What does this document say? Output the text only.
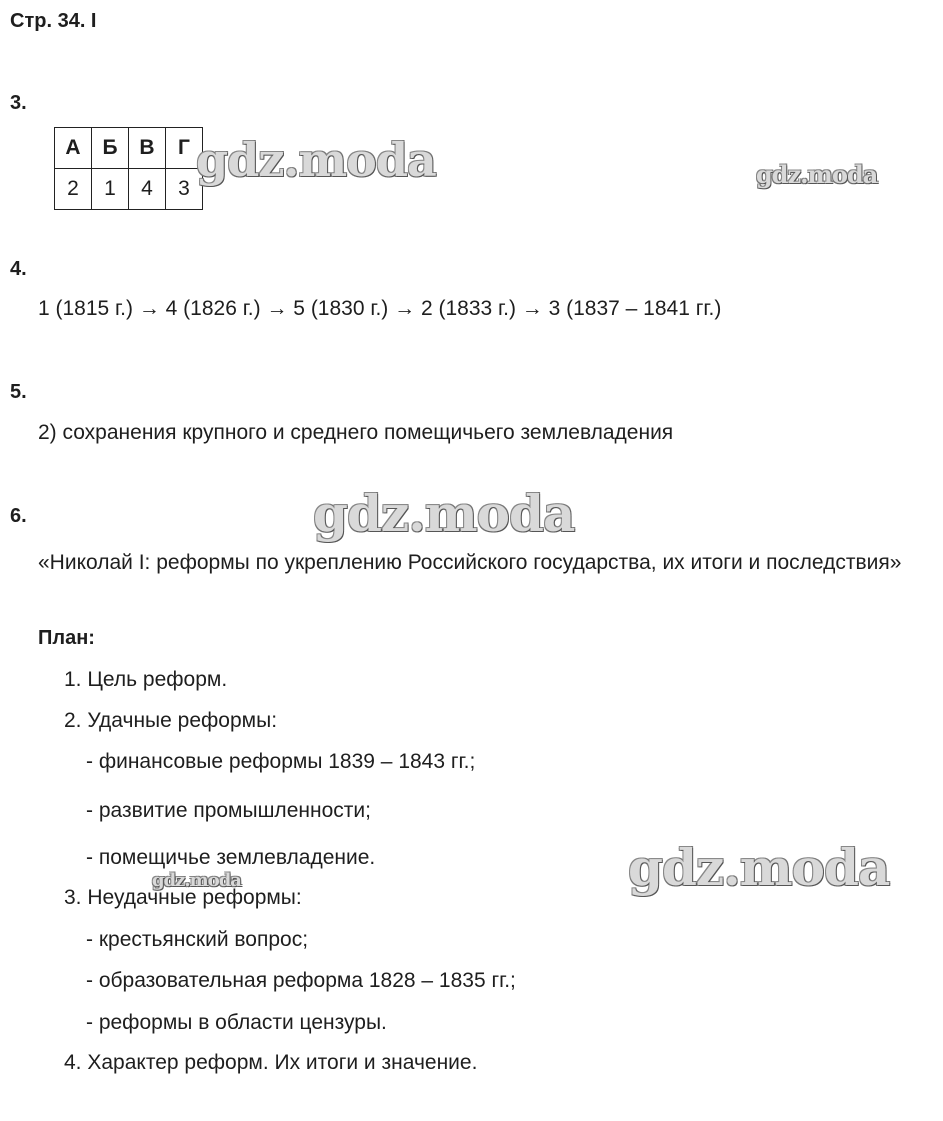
Стр. 34. I
3.
А	Б	В	Г
2	1	4	3
4.
1 (1815 г.) → 4 (1826 г.) → 5 (1830 г.) → 2 (1833 г.) → 3 (1837 – 1841 гг.)
5.
2) сохранения крупного и среднего помещичьего землевладения
6.
«Николай I: реформы по укреплению Российского государства, их итоги и последствия»
План:
1. Цель реформ.
2. Удачные реформы:
- финансовые реформы 1839 – 1843 гг.;
- развитие промышленности;
- помещичье землевладение.
3. Неудачные реформы:
- крестьянский вопрос;
- образовательная реформа 1828 – 1835 гг.;
- реформы в области цензуры.
4. Характер реформ. Их итоги и значение.
gdz.moda	gdz.moda
gdz.moda
gdz.moda
gdz.moda
